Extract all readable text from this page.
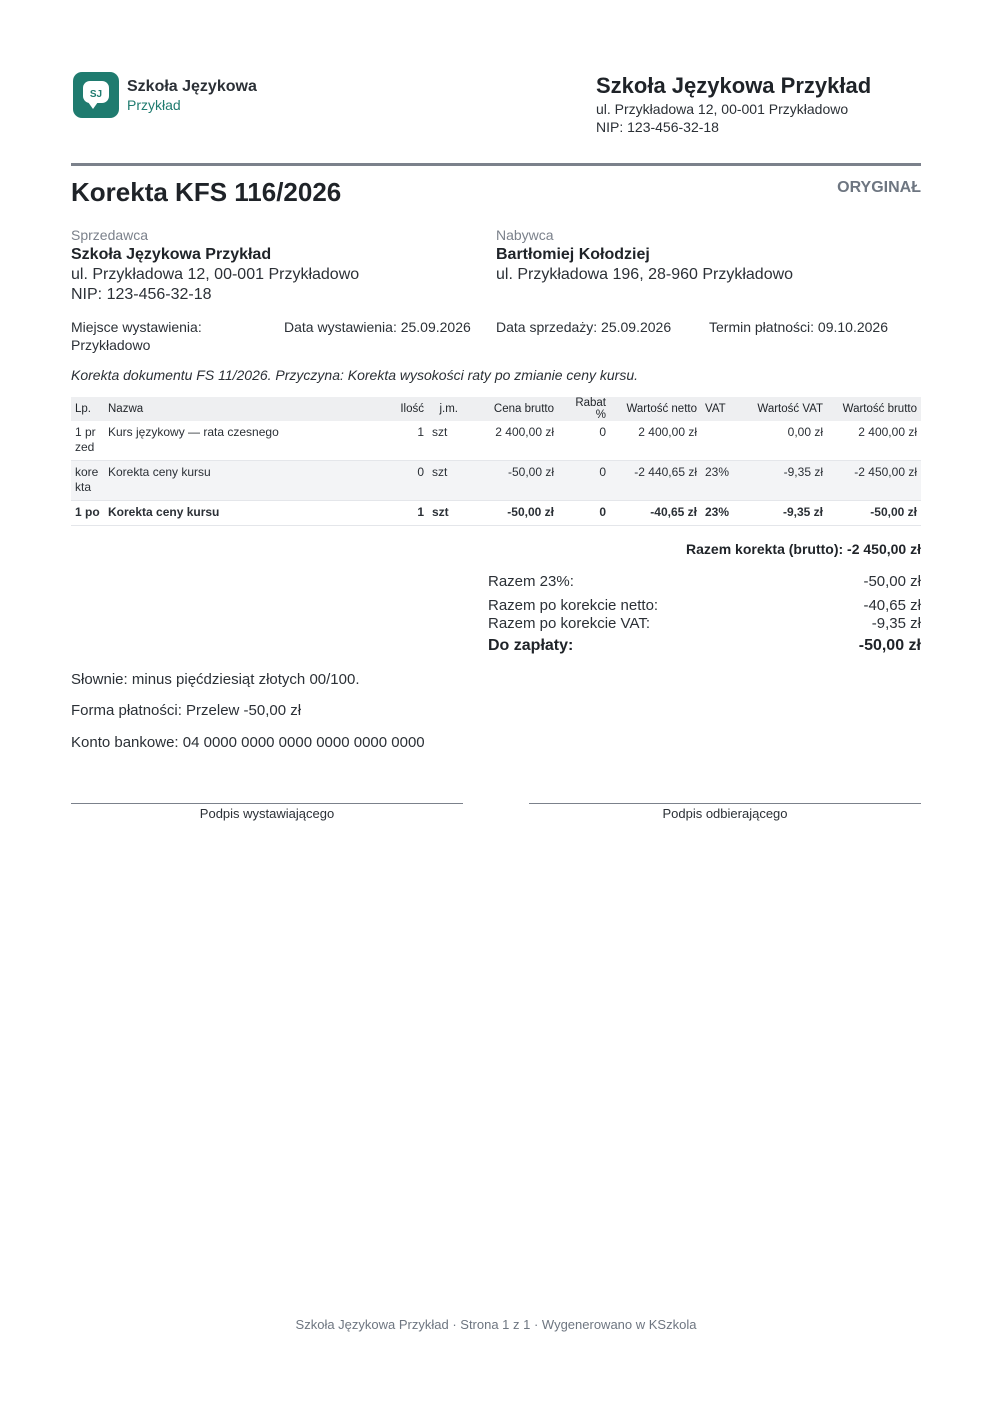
SJ	Szkoła Językowa
Przykład
Szkoła Językowa Przykład
ul. Przykładowa 12, 00-001 Przykładowo
NIP: 123-456-32-18
Korekta KFS 116/2026	ORYGINAŁ
Sprzedawca
Szkoła Językowa Przykład
ul. Przykładowa 12, 00-001 Przykładowo
NIP: 123-456-32-18
Nabywca
Bartłomiej Kołodziej
ul. Przykładowa 196, 28-960 Przykładowo
Miejsce wystawienia: Przykładowo
Data wystawienia: 25.09.2026 Data sprzedaży: 25.09.2026	Termin płatności: 09.10.2026
Korekta dokumentu FS 11/2026. Przyczyna: Korekta wysokości raty po zmianie ceny kursu.
Lp.	Nazwa	Ilość	j.m.	Cena brutto	Rabat %	Wartość netto	VAT	Wartość VAT	Wartość brutto
1 przed	Kurs językowy — rata czesnego	1	szt	2 400,00 zł	0	2 400,00 zł		0,00 zł	2 400,00 zł
korekta	Korekta ceny kursu	0	szt	-50,00 zł	0	-2 440,65 zł	23%	-9,35 zł	-2 450,00 zł
1 po	Korekta ceny kursu	1	szt	-50,00 zł	0	-40,65 zł	23%	-9,35 zł	-50,00 zł
Razem korekta (brutto): -2 450,00 zł
Razem 23%:	-50,00 zł
Razem po korekcie netto:	-40,65 zł
Razem po korekcie VAT:	-9,35 zł
Do zapłaty:	-50,00 zł
Słownie: minus pięćdziesiąt złotych 00/100.
Forma płatności: Przelew -50,00 zł
Konto bankowe: 04 0000 0000 0000 0000 0000 0000
Podpis wystawiającego	Podpis odbierającego
Szkoła Językowa Przykład · Strona 1 z 1 · Wygenerowano w KSzkola
